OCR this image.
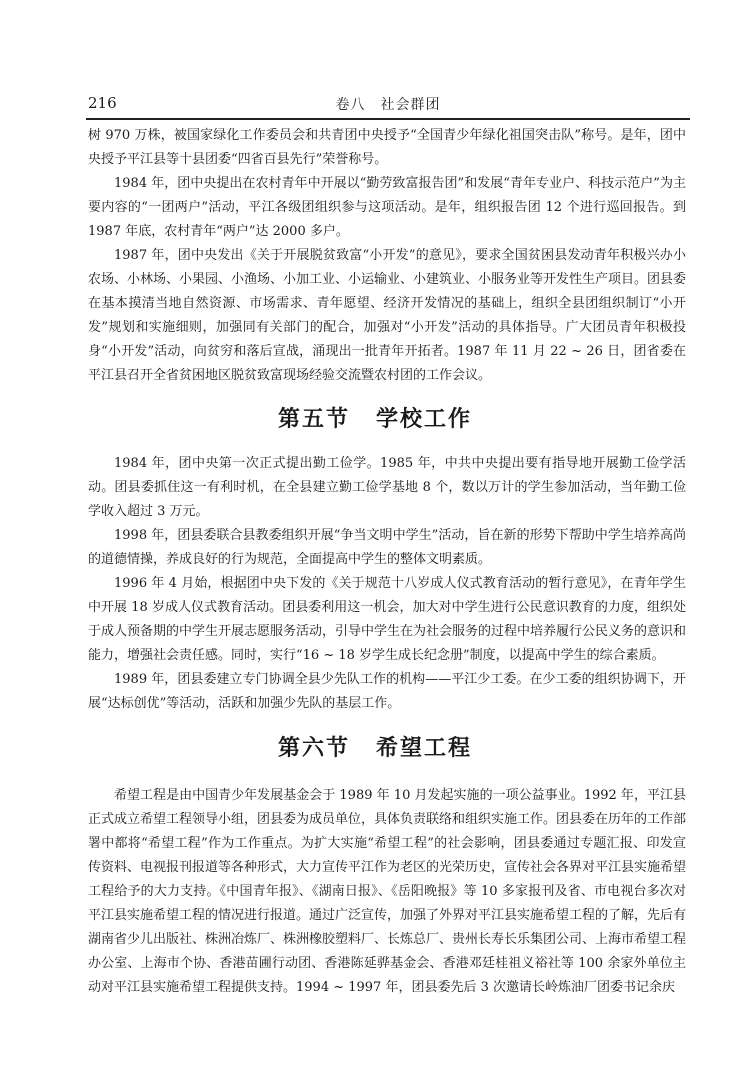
216	卷八　社会群团

树 970 万株，被国家绿化工作委员会和共青团中央授予“全国青少年绿化祖国突击队”称号。是年，团中央授予平江县等十县团委“四省百县先行”荣誉称号。

1984 年，团中央提出在农村青年中开展以“勤劳致富报告团”和发展“青年专业户、科技示范户”为主要内容的“一团两户”活动，平江各级团组织参与这项活动。是年，组织报告团 12 个进行巡回报告。到 1987 年底，农村青年“两户”达 2000 多户。

1987 年，团中央发出《关于开展脱贫致富“小开发”的意见》，要求全国贫困县发动青年积极兴办小农场、小林场、小果园、小渔场、小加工业、小运输业、小建筑业、小服务业等开发性生产项目。团县委在基本摸清当地自然资源、市场需求、青年愿望、经济开发情况的基础上，组织全县团组织制订“小开发”规划和实施细则，加强同有关部门的配合，加强对“小开发”活动的具体指导。广大团员青年积极投身“小开发”活动，向贫穷和落后宣战，涌现出一批青年开拓者。1987 年 11 月 22 ~ 26 日，团省委在平江县召开全省贫困地区脱贫致富现场经验交流暨农村团的工作会议。

第五节 学校工作

1984 年，团中央第一次正式提出勤工俭学。1985 年，中共中央提出要有指导地开展勤工俭学活动。团县委抓住这一有利时机，在全县建立勤工俭学基地 8 个，数以万计的学生参加活动，当年勤工俭学收入超过 3 万元。

1998 年，团县委联合县教委组织开展“争当文明中学生”活动，旨在新的形势下帮助中学生培养高尚的道德情操，养成良好的行为规范，全面提高中学生的整体文明素质。

1996 年 4 月始，根据团中央下发的《关于规范十八岁成人仪式教育活动的暂行意见》，在青年学生中开展 18 岁成人仪式教育活动。团县委利用这一机会，加大对中学生进行公民意识教育的力度，组织处于成人预备期的中学生开展志愿服务活动，引导中学生在为社会服务的过程中培养履行公民义务的意识和能力，增强社会责任感。同时，实行“16 ~ 18 岁学生成长纪念册”制度，以提高中学生的综合素质。

1989 年，团县委建立专门协调全县少先队工作的机构——平江少工委。在少工委的组织协调下，开展“达标创优”等活动，活跃和加强少先队的基层工作。

第六节 希望工程

希望工程是由中国青少年发展基金会于 1989 年 10 月发起实施的一项公益事业。1992 年，平江县正式成立希望工程领导小组，团县委为成员单位，具体负责联络和组织实施工作。团县委在历年的工作部署中都将“希望工程”作为工作重点。为扩大实施“希望工程”的社会影响，团县委通过专题汇报、印发宣传资料、电视报刊报道等各种形式，大力宣传平江作为老区的光荣历史，宣传社会各界对平江县实施希望工程给予的大力支持。《中国青年报》、《湖南日报》、《岳阳晚报》等 10 多家报刊及省、市电视台多次对平江县实施希望工程的情况进行报道。通过广泛宣传，加强了外界对平江县实施希望工程的了解，先后有湖南省少儿出版社、株洲冶炼厂、株洲橡胶塑料厂、长炼总厂、贵州长寿长乐集团公司、上海市希望工程办公室、上海市个协、香港苗圃行动团、香港陈延骅基金会、香港邓廷桂祖义裕社等 100 余家外单位主动对平江县实施希望工程提供支持。1994 ~ 1997 年，团县委先后 3 次邀请长岭炼油厂团委书记余庆
